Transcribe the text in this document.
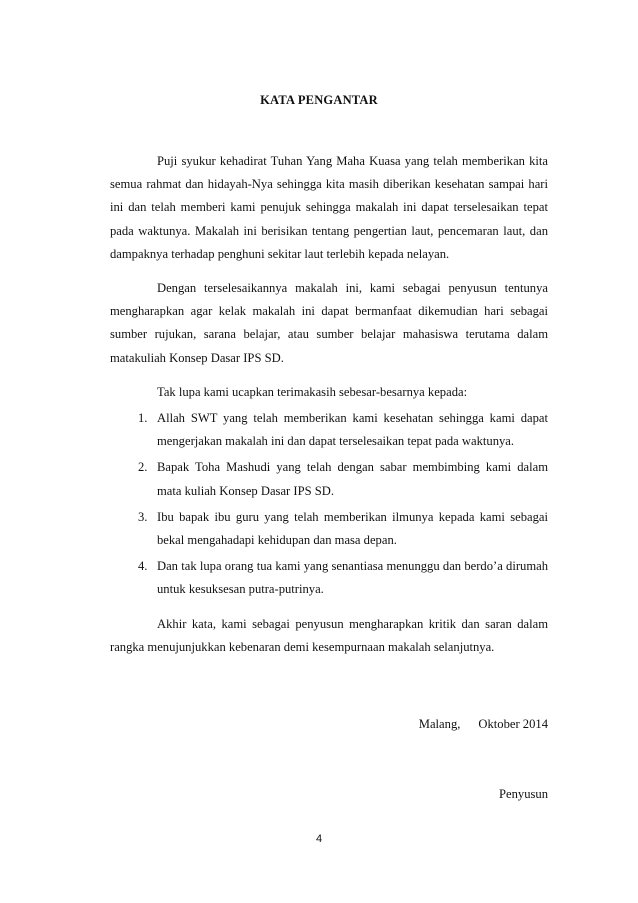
KATA PENGANTAR

Puji syukur kehadirat Tuhan Yang Maha Kuasa yang telah memberikan kita semua rahmat dan hidayah-Nya sehingga kita masih diberikan kesehatan sampai hari ini dan telah memberi kami penujuk sehingga makalah ini dapat terselesaikan tepat pada waktunya. Makalah ini berisikan tentang pengertian laut, pencemaran laut, dan dampaknya terhadap penghuni sekitar laut terlebih kepada nelayan.

Dengan terselesaikannya makalah ini, kami sebagai penyusun tentunya mengharapkan agar kelak makalah ini dapat bermanfaat dikemudian hari sebagai sumber rujukan, sarana belajar, atau sumber belajar mahasiswa terutama dalam matakuliah Konsep Dasar IPS SD.

Tak lupa kami ucapkan terimakasih sebesar-besarnya kepada:

1. Allah SWT yang telah memberikan kami kesehatan sehingga kami dapat mengerjakan makalah ini dan dapat terselesaikan tepat pada waktunya.
2. Bapak Toha Mashudi yang telah dengan sabar membimbing kami dalam mata kuliah Konsep Dasar IPS SD.
3. Ibu bapak ibu guru yang telah memberikan ilmunya kepada kami sebagai bekal mengahadapi kehidupan dan masa depan.
4. Dan tak lupa orang tua kami yang senantiasa menunggu dan berdo’a dirumah untuk kesuksesan putra-putrinya.

Akhir kata, kami sebagai penyusun mengharapkan kritik dan saran dalam rangka menujunjukkan kebenaran demi kesempurnaan makalah selanjutnya.

Malang, Oktober 2014
Penyusun
4
